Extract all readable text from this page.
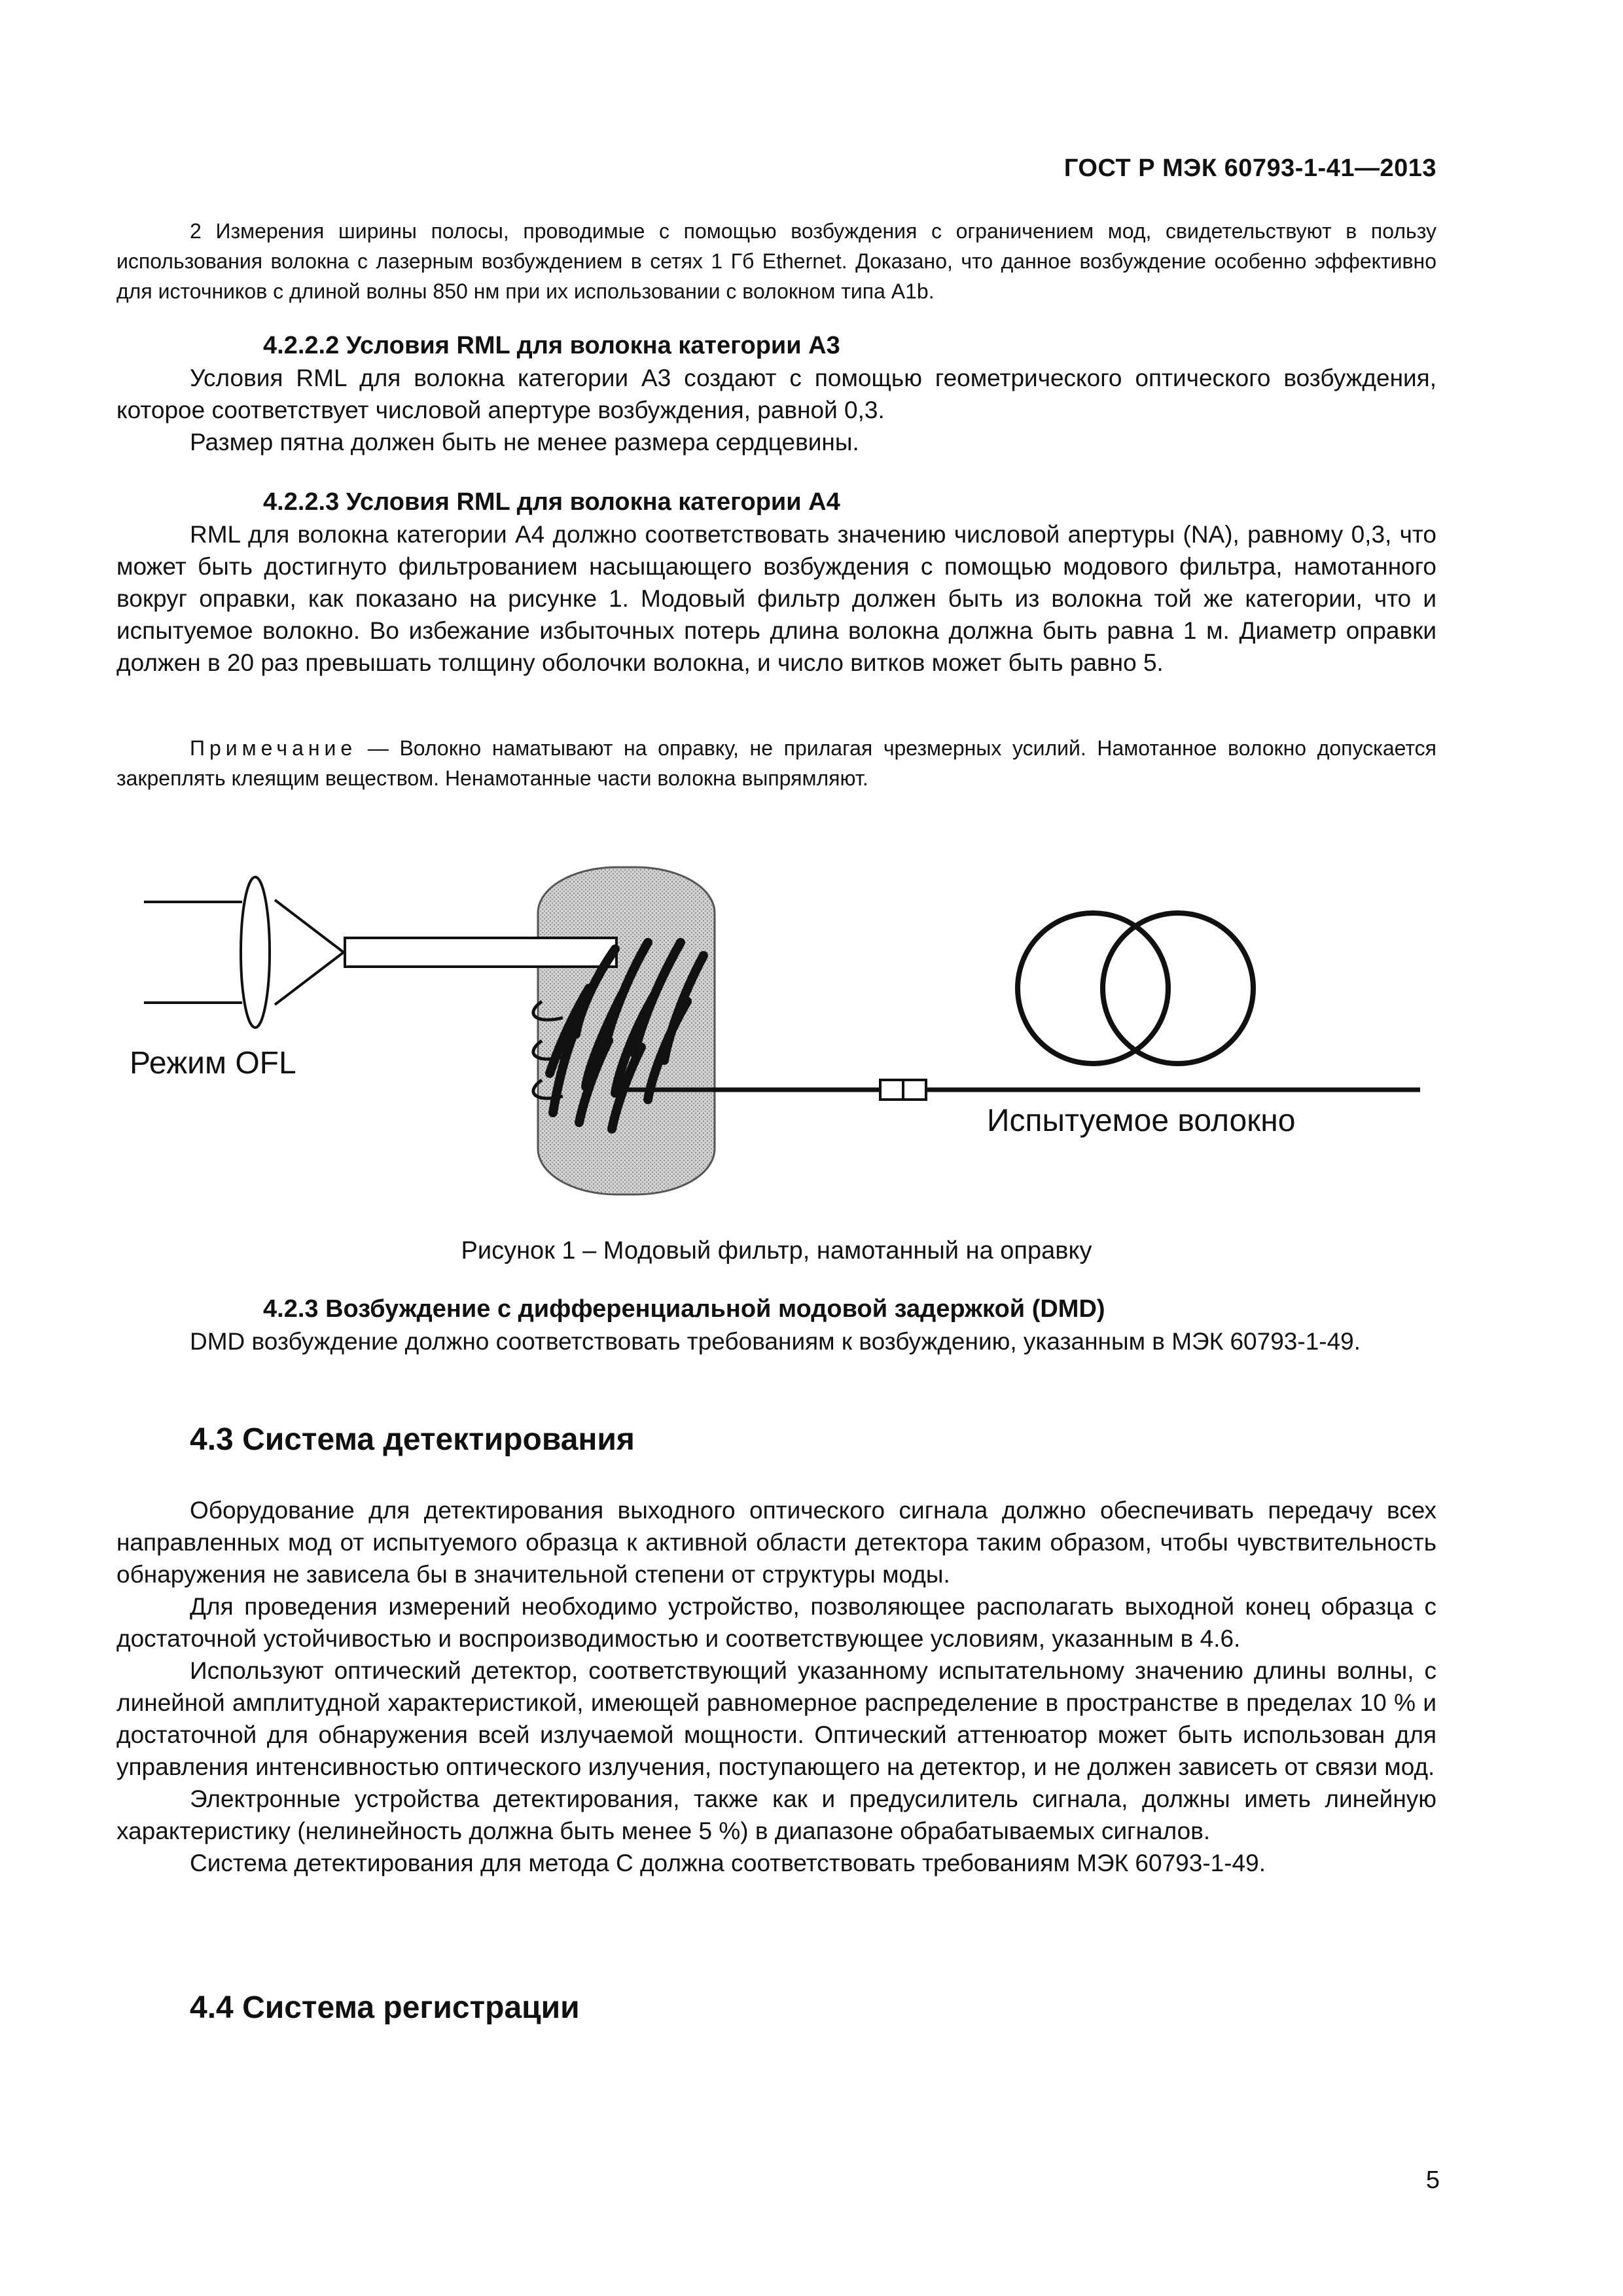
ГОСТ Р МЭК 60793-1-41—2013

2 Измерения ширины полосы, проводимые с помощью возбуждения с ограничением мод, свидетельствуют в пользу использования волокна с лазерным возбуждением в сетях 1 Гб Ethernet. Доказано, что данное возбуждение особенно эффективно для источников с длиной волны 850 нм при их использовании с волокном типа А1b.

4.2.2.2 Условия RML для волокна категории А3

Условия RML для волокна категории А3 создают с помощью геометрического оптического возбуждения, которое соответствует числовой апертуре возбуждения, равной 0,3.

Размер пятна должен быть не менее размера сердцевины.

4.2.2.3 Условия RML для волокна категории А4

RML для волокна категории А4 должно соответствовать значению числовой апертуры (NA), равному 0,3, что может быть достигнуто фильтрованием насыщающего возбуждения с помощью модового фильтра, намотанного вокруг оправки, как показано на рисунке 1. Модовый фильтр должен быть из волокна той же категории, что и испытуемое волокно. Во избежание избыточных потерь длина волокна должна быть равна 1 м. Диаметр оправки должен в 20 раз превышать толщину оболочки волокна, и число витков может быть равно 5.

Примечание — Волокно наматывают на оправку, не прилагая чрезмерных усилий. Намотанное волокно допускается закреплять клеящим веществом. Ненамотанные части волокна выпрямляют.

Режим OFL
Испытуемое волокно
Рисунок 1 – Модовый фильтр, намотанный на оправку

4.2.3 Возбуждение с дифференциальной модовой задержкой (DMD)

DMD возбуждение должно соответствовать требованиям к возбуждению, указанным в МЭК 60793-1-49.

4.3 Система детектирования

Оборудование для детектирования выходного оптического сигнала должно обеспечивать передачу всех направленных мод от испытуемого образца к активной области детектора таким образом, чтобы чувствительность обнаружения не зависела бы в значительной степени от структуры моды.

Для проведения измерений необходимо устройство, позволяющее располагать выходной конец образца с достаточной устойчивостью и воспроизводимостью и соответствующее условиям, указанным в 4.6.

Используют оптический детектор, соответствующий указанному испытательному значению длины волны, с линейной амплитудной характеристикой, имеющей равномерное распределение в пространстве в пределах 10 % и достаточной для обнаружения всей излучаемой мощности. Оптический аттенюатор может быть использован для управления интенсивностью оптического излучения, поступающего на детектор, и не должен зависеть от связи мод.

Электронные устройства детектирования, также как и предусилитель сигнала, должны иметь линейную характеристику (нелинейность должна быть менее 5 %) в диапазоне обрабатываемых сигналов.

Система детектирования для метода С должна соответствовать требованиям МЭК 60793-1-49.

4.4 Система регистрации

5
